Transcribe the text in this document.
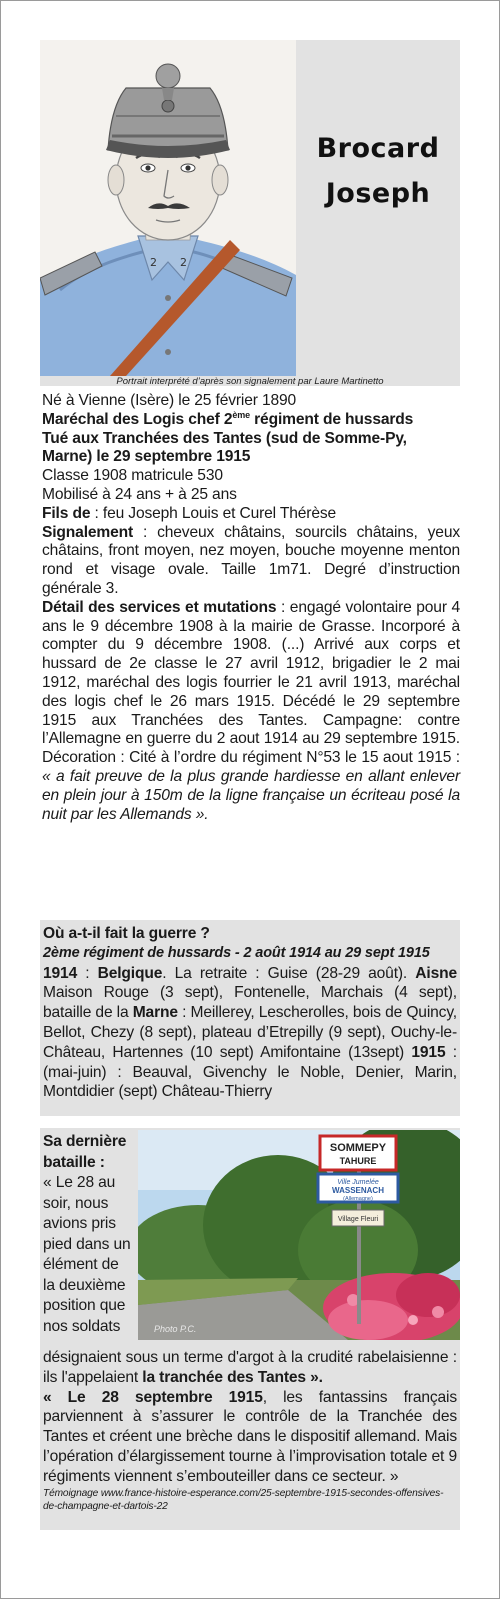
2 2
Brocard
Joseph
Portrait interprété d’après son signalement par Laure Martinetto

Né à Vienne (Isère) le 25 février 1890

Maréchal des Logis chef 2ème régiment de hussards

Tué aux Tranchées des Tantes (sud de Somme-Py,

Marne) le 29 septembre 1915

Classe 1908 matricule 530

Mobilisé à 24 ans + à 25 ans

Fils de : feu Joseph Louis et Curel Thérèse

Signalement : cheveux châtains, sourcils châtains, yeux châtains, front moyen, nez moyen, bouche moyenne menton rond et visage ovale. Taille 1m71. Degré d’instruction générale 3.

Détail des services et mutations : engagé volontaire pour 4 ans le 9 décembre 1908 à la mairie de Grasse. Incorporé à compter du 9 décembre 1908. (...) Arrivé aux corps et hussard de 2e classe le 27 avril 1912, brigadier le 2 mai 1912, maréchal des logis fourrier le 21 avril 1913, maréchal des logis chef le 26 mars 1915. Décédé le 29 septembre 1915 aux Tranchées des Tantes. Campagne: contre l’Allemagne en guerre du 2 aout 1914 au 29 septembre 1915. Décoration : Cité à l’ordre du régiment N°53 le 15 aout 1915 : « a fait preuve de la plus grande hardiesse en allant enlever en plein jour à 150m de la ligne française un écriteau posé la nuit par les Allemands ».

Où a-t-il fait la guerre ?

2ème régiment de hussards - 2 août 1914 au 29 sept 1915

1914 : Belgique. La retraite : Guise (28-29 août). Aisne Maison Rouge (3 sept), Fontenelle, Marchais (4 sept), bataille de la Marne : Meillerey, Lescherolles, bois de Quincy, Bellot, Chezy (8 sept), plateau d’Etrepilly (9 sept), Ouchy-le-Château, Hartennes (10 sept) Amifontaine (13sept) 1915 : (mai-juin) : Beauval, Givenchy le Noble, Denier, Marin, Montdidier (sept) Château-Thierry

Sa dernière

bataille :

« Le 28 au

soir, nous

avions pris

pied dans un

élément de

la deuxième

position que

nos soldats

SOMMEPY
TAHURE
Ville Jumelée
WASSENACH
(Allemagne)
Village Fleuri
Photo P.C.

désignaient sous un terme d'argot à la crudité rabelaisienne : ils l'appelaient la tranchée des Tantes ».

« Le 28 septembre 1915, les fantassins français parviennent à s’assurer le contrôle de la Tranchée des Tantes et créent une brèche dans le dispositif allemand. Mais l’opération d’élargissement tourne à l’improvisation totale et 9 régiments viennent s’embouteiller dans ce secteur. »

Témoignage www.france-histoire-esperance.com/25-septembre-1915-secondes-offensives-de-champagne-et-dartois-22
